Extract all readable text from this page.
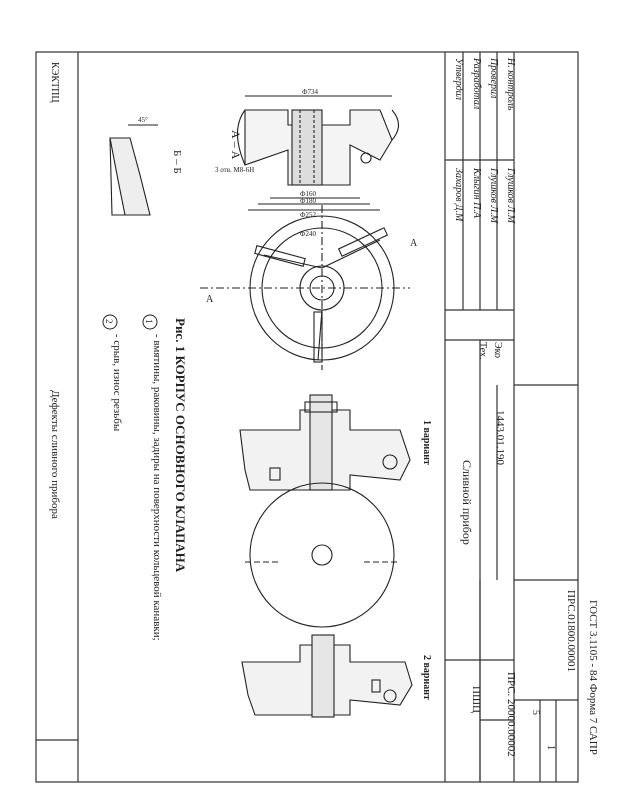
Утвердил
Захаров Д.М
Разработал
Клыгин П.А
Проверил
Глушков Л.М
Н. контроль
Глушков Л.М
Эко
Тех.
1443.01.190
Сливной прибор
ГОСТ 3.1105 - 84 Форма 7 САПР
ПРС.01800.00001
5
1
ПРС. 20000.00002
ПШЦ
КЭКТПЦ
Дефекты сливного прибора
А – А
Ф734
Ф160
Ф180
Ф252
3 отв. М8-6Н
45°
Б – Б
А
А
Ф240
1 вариант
2 вариант
Рис. 1 КОРПУС ОСНОВНОГО КЛАПАНА
1
- вмятины, раковины, задиры на поверхности кольцевой канавки;
2
- срыв, износ резьбы
